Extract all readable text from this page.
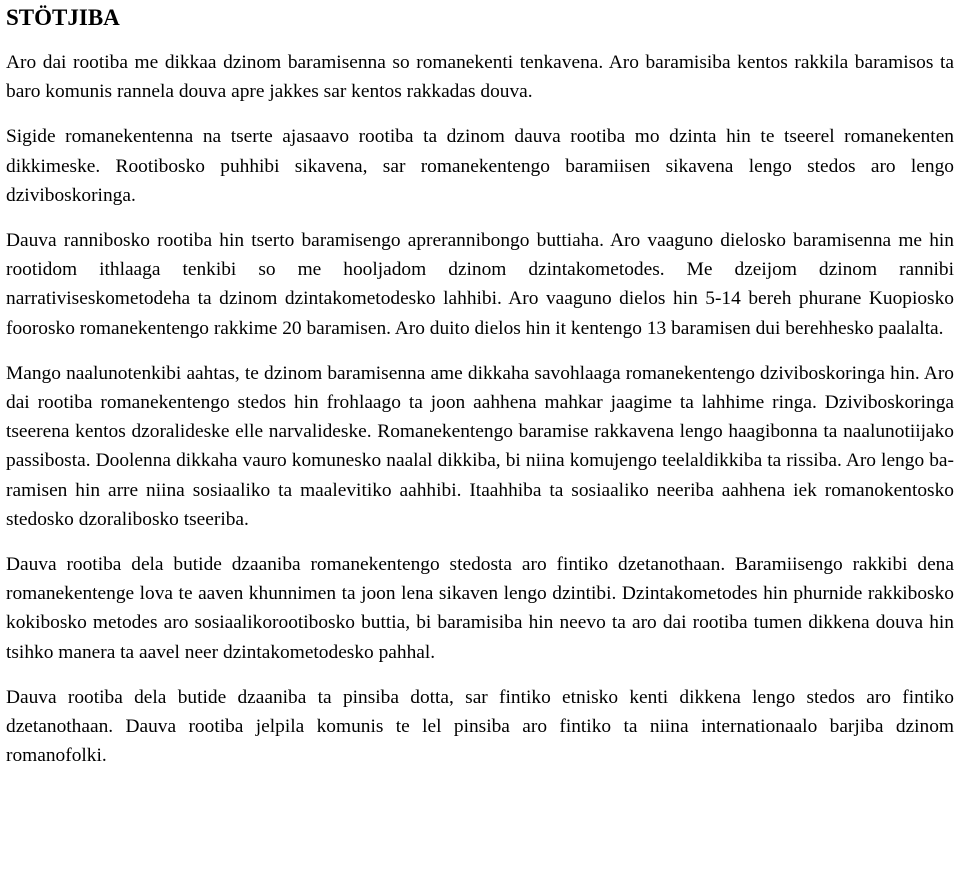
STÖTJIBA

Aro dai rootiba me dikkaa dzinom baramisenna so romanekenti tenkavena. Aro baramisiba kentos rakkila baramisos ta baro komunis rannela douva apre jakkes sar kentos rakkadas douva.

Sigide romanekentenna na tserte ajasaavo rootiba ta dzinom dauva rootiba mo dzinta hin te tseerel romanekenten dikkimeske. Rootibosko puhhibi sikavena, sar romanekentengo baramiisen sikavena lengo stedos aro lengo dziviboskoringa.

Dauva rannibosko rootiba hin tserto baramisengo aprerannibongo buttiaha. Aro vaaguno dielosko baramisenna me hin rootidom ithlaaga tenkibi so me hooljadom dzinom dzintakometodes. Me dzeijom dzinom rannibi narrativiseskometodeha ta dzinom dzintakometodesko lahhibi. Aro vaaguno dielos hin 5-14 bereh phurane Kuopiosko foorosko romanekentengo rakkime 20 baramisen. Aro duito dielos hin it kentengo 13 baramisen dui berehhesko paalalta.

Mango naalunotenkibi aahtas, te dzinom baramisenna ame dikkaha savohlaaga romanekentengo dziviboskoringa hin. Aro dai rootiba romanekentengo stedos hin frohlaago ta joon aahhena mahkar jaagime ta lahhime ringa. Dziviboskoringa tseerena kentos dzoralideske elle narvalideske. Romanekentengo baramise rakkavena lengo haagibonna ta naalunotiijako passibosta. Doolenna dikkaha vauro komunesko naalal dikkiba, bi niina komujengo teelaldikkiba ta rissiba. Aro lengo baramisen hin arre niina sosiaaliko ta maalevitiko aahhibi. Itaahhiba ta sosiaaliko neeriba aahhena iek romanokentosko stedosko dzoralibosko tseeriba.

Dauva rootiba dela butide dzaaniba romanekentengo stedosta aro fintiko dzetanothaan. Baramiisengo rakkibi dena romanekentenge lova te aaven khunnimen ta joon lena sikaven lengo dzintibi. Dzintakometodes hin phurnide rakkibosko kokibosko metodes aro sosiaalikorootibosko buttia, bi baramisiba hin neevo ta aro dai rootiba tumen dikkena douva hin tsihko manera ta aavel neer dzintakometodesko pahhal.

Dauva rootiba dela butide dzaaniba ta pinsiba dotta, sar fintiko etnisko kenti dikkena lengo stedos aro fintiko dzetanothaan. Dauva rootiba jelpila komunis te lel pinsiba aro fintiko ta niina internationaalo barjiba dzinom romanofolki.
